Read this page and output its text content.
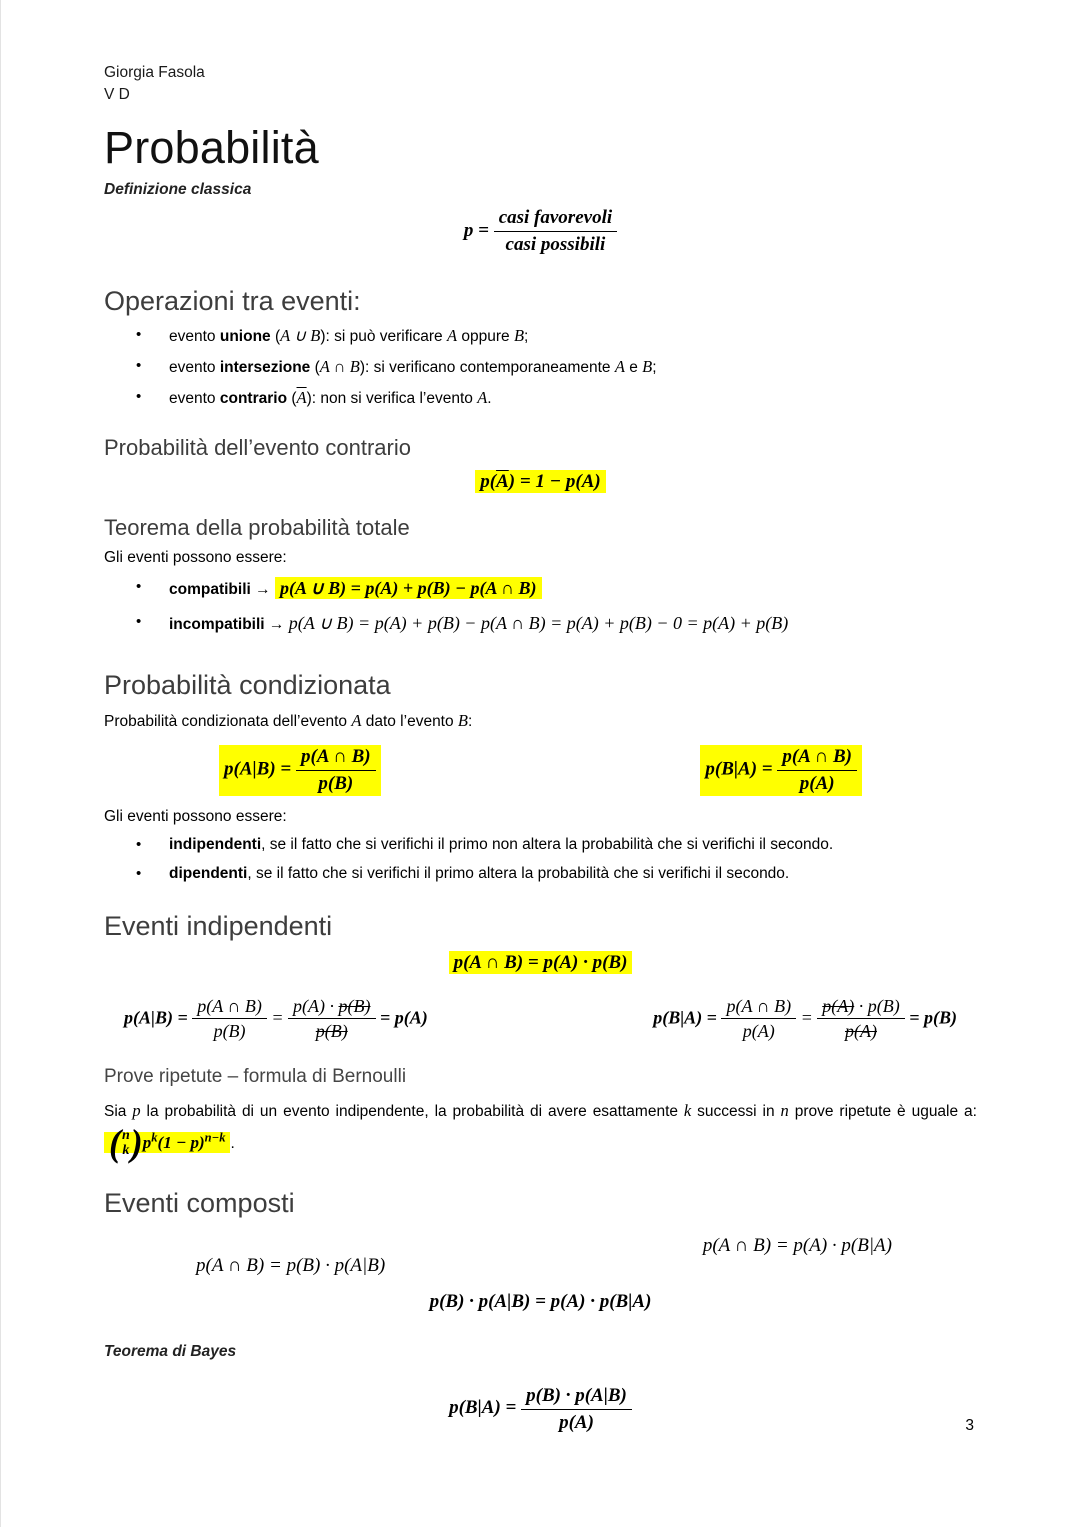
Giorgia Fasola
V D
Probabilità
Definizione classica
$p = \frac{\text{casi favorevoli}}{\text{casi possibili}}$
Operazioni tra eventi:
•	evento unione (A ∪ B): si può verificare A oppure B;
•	evento intersezione (A ∩ B): si verificano contemporaneamente A e B;
•	evento contrario $(\overline{A})$: non si verifica l’evento A.
Probabilità dell’evento contrario
$p(\overline{A}) = 1 - p(A)$
Teorema della probabilità totale
Gli eventi possono essere:
•	compatibili → p(A ∪ B) = p(A) + p(B) − p(A ∩ B)
•	incompatibili → p(A ∪ B) = p(A) + p(B) − p(A ∩ B) = p(A) + p(B) − 0 = p(A) + p(B)
Probabilità condizionata
Probabilità condizionata dell’evento A dato l’evento B:
$p(A|B) = \frac{p(A \cap B)}{p(B)}$	$p(B|A) = \frac{p(A \cap B)}{p(A)}$
Gli eventi possono essere:
•	indipendenti, se il fatto che si verifichi il primo non altera la probabilità che si verifichi il secondo.
•	dipendenti, se il fatto che si verifichi il primo altera la probabilità che si verifichi il secondo.
Eventi indipendenti
p(A ∩ B) = p(A) · p(B)
$p(A|B) = \frac{p(A \cap B)}{p(B)} = \frac{p(A) \cdot p(B)}{p(B)} = p(A)$	$p(B|A) = \frac{p(A \cap B)}{p(A)} = \frac{p(A) \cdot p(B)}{p(A)} = p(B)$
Prove ripetute – formula di Bernoulli
Sia p la probabilità di un evento indipendente, la probabilità di avere esattamente k successi in n prove ripetute è uguale a:
( n
k ) $p^k(1 - p)^{n-k}$ .
Eventi composti
p(A ∩ B) = p(A) · p(B|A)
p(A ∩ B) = p(B) · p(A|B)
p(B) · p(A|B) = p(A) · p(B|A)
Teorema di Bayes
$p(B|A) = \frac{p(B) \cdot p(A|B)}{p(A)}$	3
